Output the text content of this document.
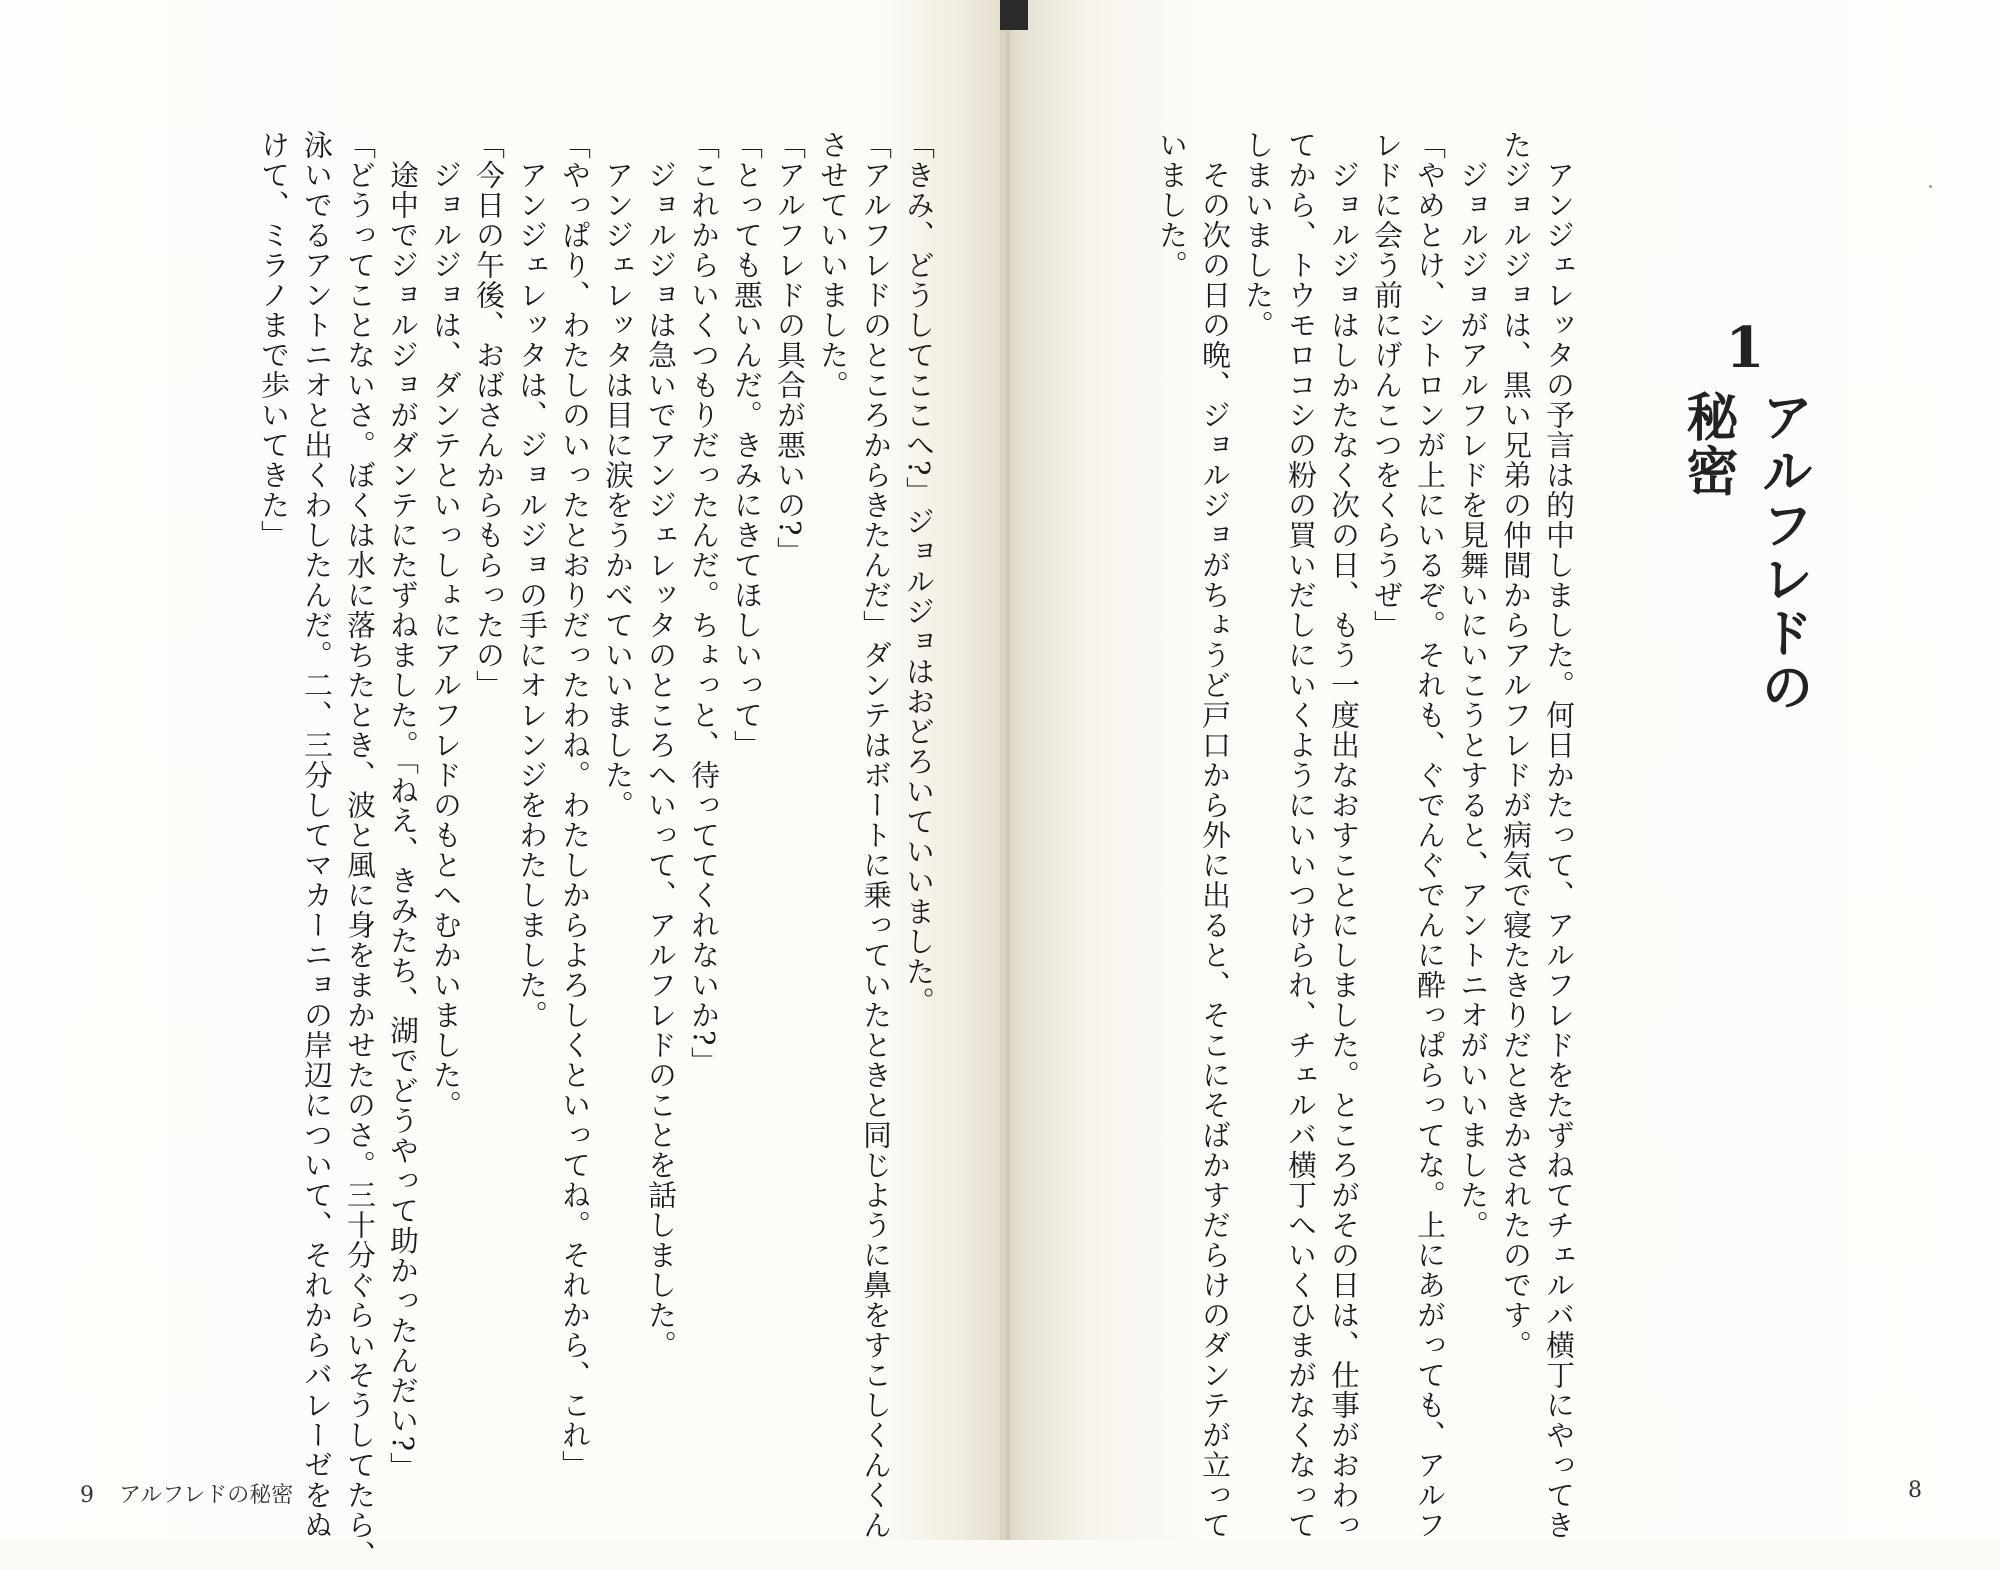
1
アルフレドの秘密

　アンジェレッタの予言は的中しました。何日かたって、アルフレドをたずねてチェルバ横丁にやってき
たジョルジョは、黒い兄弟の仲間からアルフレドが病気で寝たきりだときかされたのです。
　ジョルジョがアルフレドを見舞いにいこうとすると、アントニオがいいました。
「やめとけ、シトロンが上にいるぞ。それも、ぐでんぐでんに酔っぱらってな。上にあがっても、アルフ
レドに会う前にげんこつをくらうぜ」
　ジョルジョはしかたなく次の日、もう一度出なおすことにしました。ところがその日は、仕事がおわっ
てから、トウモロコシの粉の買いだしにいくようにいいつけられ、チェルバ横丁へいくひまがなくなって
しまいました。
　その次の日の晩、ジョルジョがちょうど戸口から外に出ると、そこにそばかすだらけのダンテが立って
いました。

「きみ、どうしてここへ?」ジョルジョはおどろいていいました。
「アルフレドのところからきたんだ」ダンテはボートに乗っていたときと同じように鼻をすこしくんくん
させていいました。
「アルフレドの具合が悪いの?」
「とっても悪いんだ。きみにきてほしいって」
「これからいくつもりだったんだ。ちょっと、待っててくれないか?」
　ジョルジョは急いでアンジェレッタのところへいって、アルフレドのことを話しました。
　アンジェレッタは目に涙をうかべていいました。
「やっぱり、わたしのいったとおりだったわね。わたしからよろしくといってね。それから、これ」
　アンジェレッタは、ジョルジョの手にオレンジをわたしました。
「今日の午後、おばさんからもらったの」
　ジョルジョは、ダンテといっしょにアルフレドのもとへむかいました。
　途中でジョルジョがダンテにたずねました。「ねえ、きみたち、湖でどうやって助かったんだい?」
「どうってことないさ。ぼくは水に落ちたとき、波と風に身をまかせたのさ。三十分ぐらいそうしてたら、
泳いでるアントニオと出くわしたんだ。二、三分してマカーニョの岸辺について、それからバレーゼをぬ
けて、ミラノまで歩いてきた」

9 アルフレドの秘密	8
